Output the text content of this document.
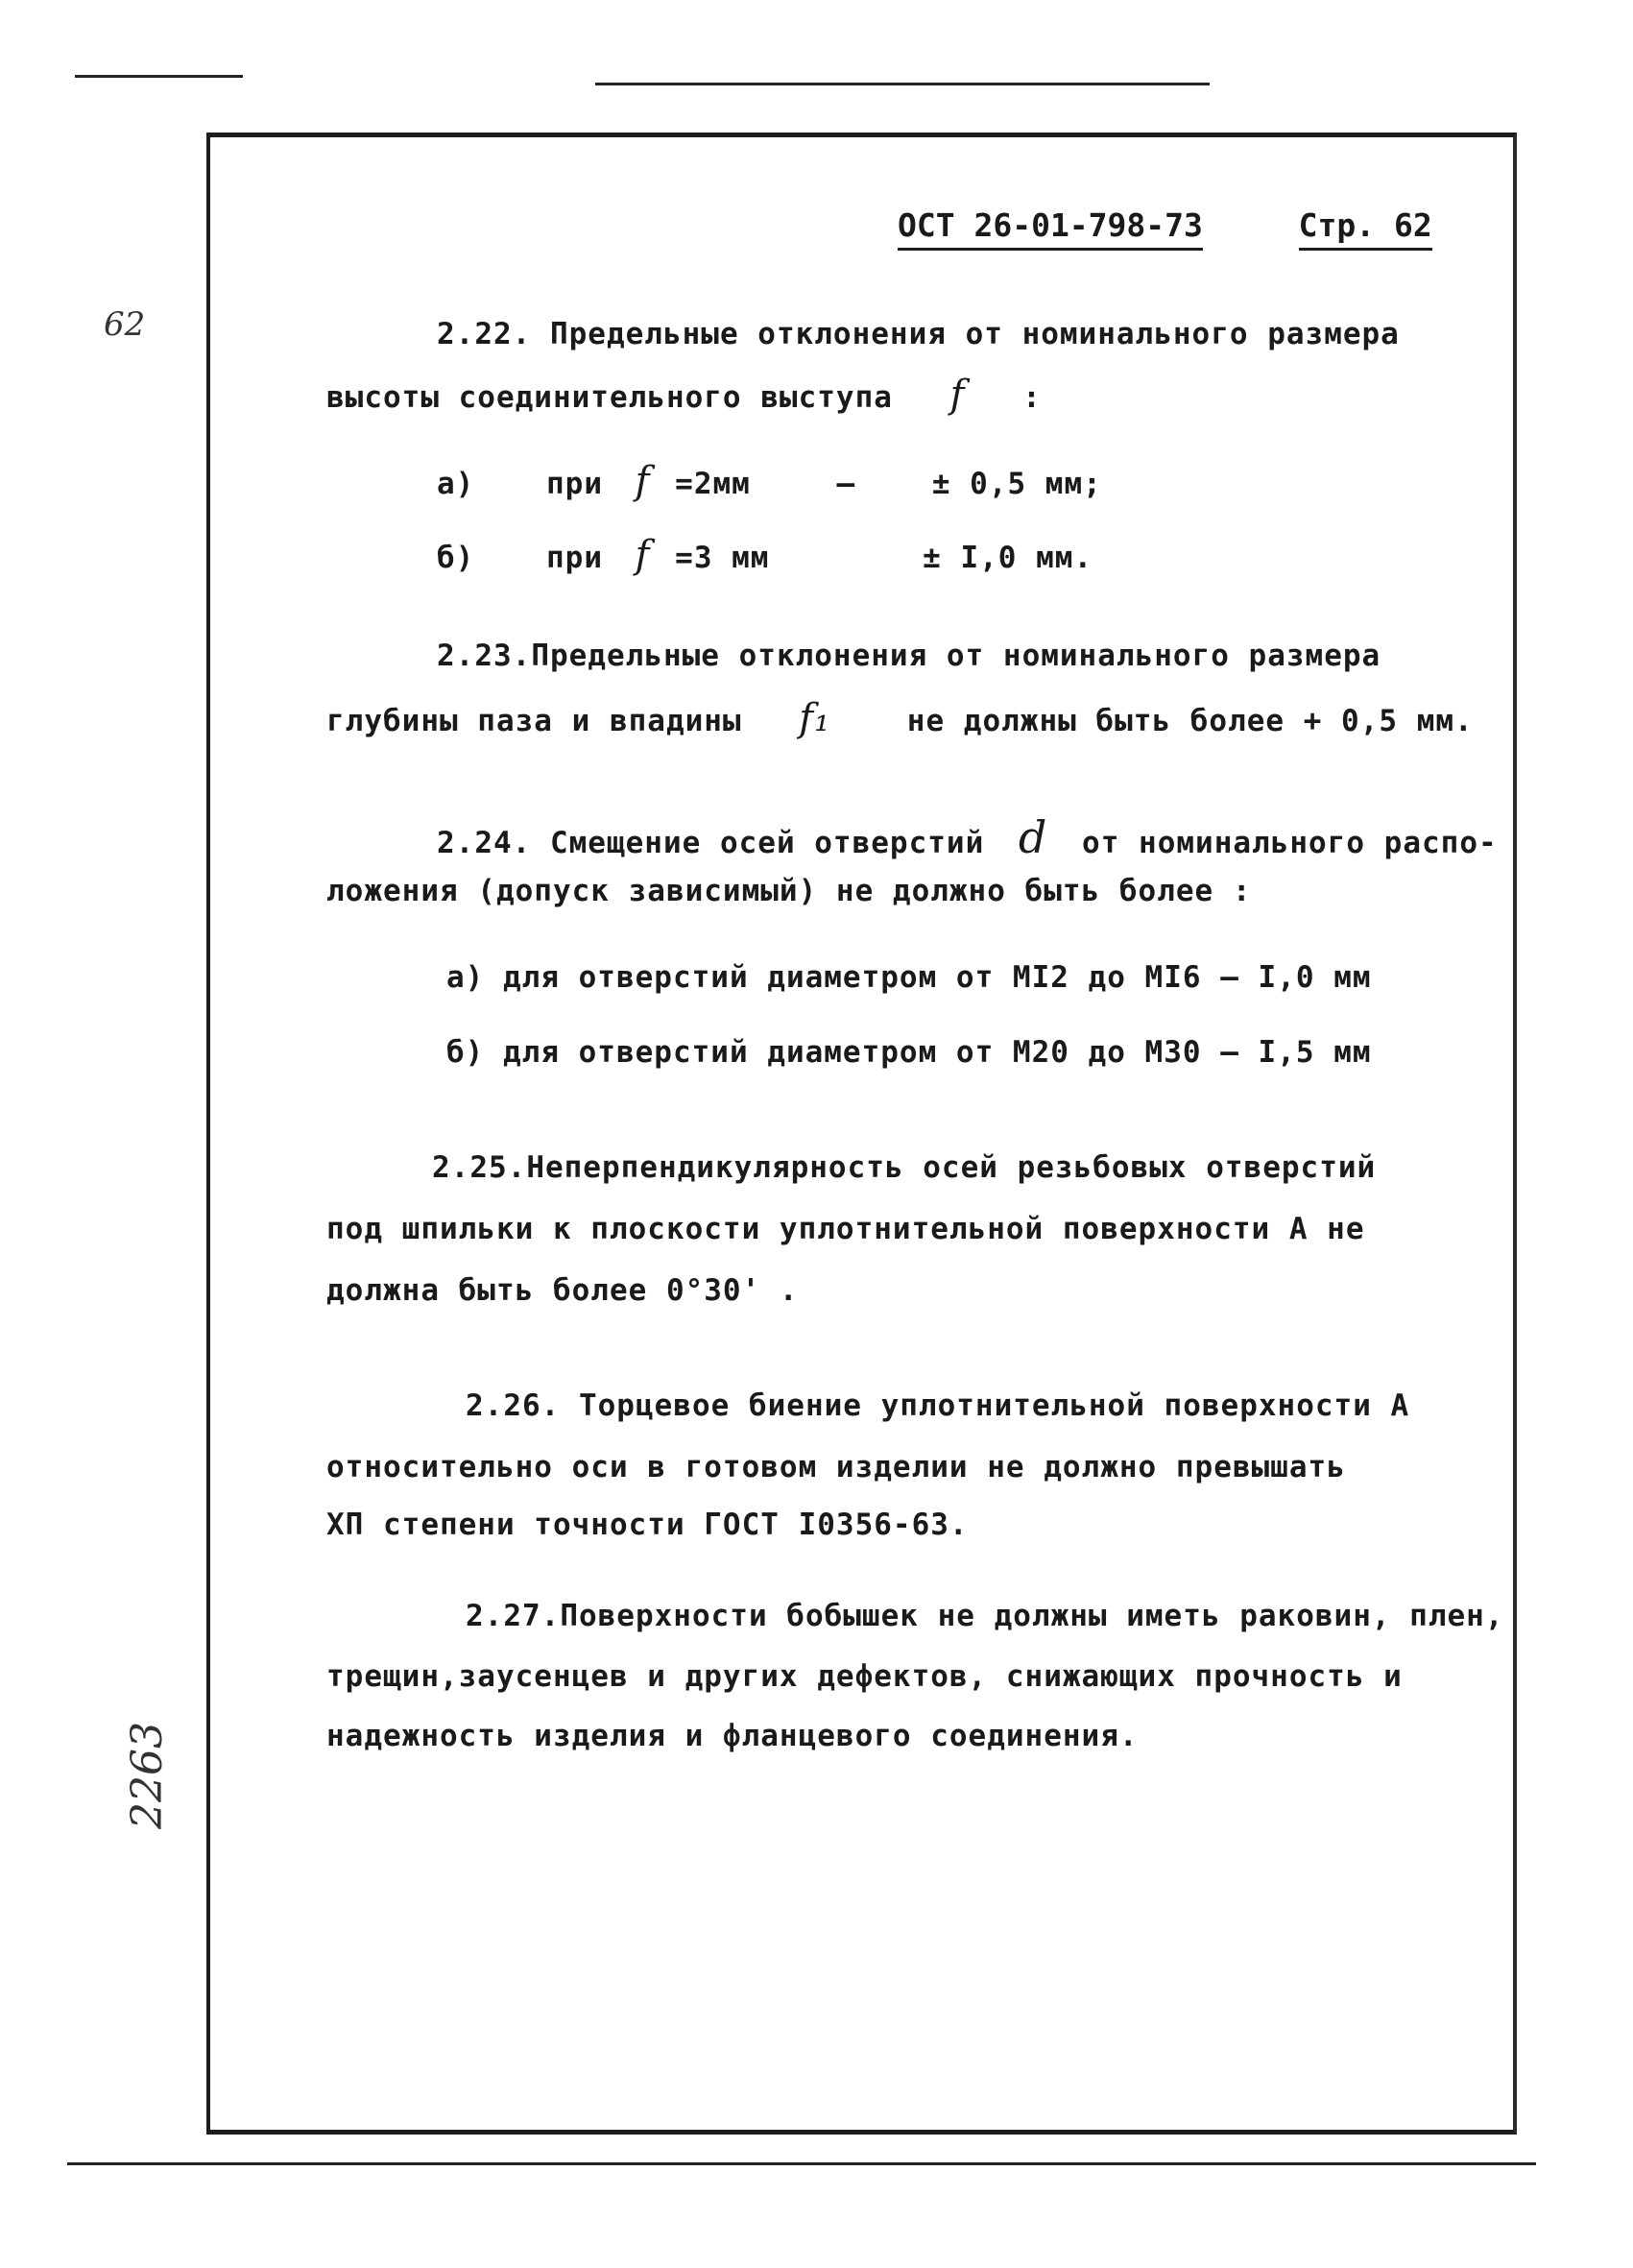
62
2263
ОСТ 26-01-798-73	Стр. 62
2.22. Предельные отклонения от номинального размера
высоты соединительного выступа f :
а) при f =2мм	–	± 0,5 мм;
б) при f =3 мм	± I,0 мм.
2.23.Предельные отклонения от номинального размера
глубины паза и впадины f₁	не должны быть более + 0,5 мм.
2.24. Смещение осей отверстий d от номинального распо-
ложения (допуск зависимый) не должно быть более :
а) для отверстий диаметром от МI2 до МI6 – I,0 мм
б) для отверстий диаметром от М20 до М30 – I,5 мм
2.25.Неперпендикулярность осей резьбовых отверстий
под шпильки к плоскости уплотнительной поверхности А не
должна быть более 0°30' .
2.26. Торцевое биение уплотнительной поверхности А
относительно оси в готовом изделии не должно превышать
XП степени точности ГОСТ I0356-63.
2.27.Поверхности бобышек не должны иметь раковин, плен,
трещин,заусенцев и других дефектов, снижающих прочность и
надежность изделия и фланцевого соединения.
